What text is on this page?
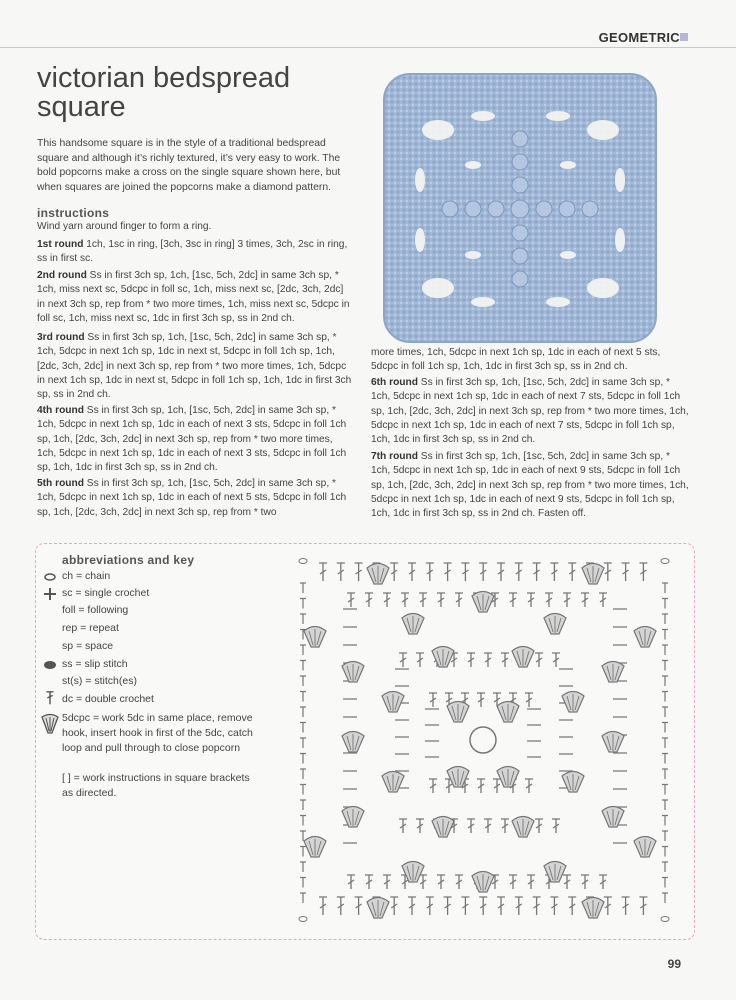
GEOMETRIC
victorian bedspread square
This handsome square is in the style of a traditional bedspread square and although it’s richly textured, it’s very easy to work. The bold popcorns make a cross on the single square shown here, but when squares are joined the popcorns make a diamond pattern.
instructions

Wind yarn around finger to form a ring.

1st round 1ch, 1sc in ring, [3ch, 3sc in ring] 3 times, 3ch, 2sc in ring, ss in first sc.

2nd round Ss in first 3ch sp, 1ch, [1sc, 5ch, 2dc] in same 3ch sp, * 1ch, miss next sc, 5dcpc in foll sc, 1ch, miss next sc, [2dc, 3ch, 2dc] in next 3ch sp, rep from * two more times, 1ch, miss next sc, 5dcpc in foll sc, 1ch, miss next sc, 1dc in first 3ch sp, ss in 2nd ch.

3rd round Ss in first 3ch sp, 1ch, [1sc, 5ch, 2dc] in same 3ch sp, * 1ch, 5dcpc in next 1ch sp, 1dc in next st, 5dcpc in foll 1ch sp, 1ch, [2dc, 3ch, 2dc] in next 3ch sp, rep from * two more times, 1ch, 5dcpc in next 1ch sp, 1dc in next st, 5dcpc in foll 1ch sp, 1ch, 1dc in first 3ch sp, ss in 2nd ch.

4th round Ss in first 3ch sp, 1ch, [1sc, 5ch, 2dc] in same 3ch sp, * 1ch, 5dcpc in next 1ch sp, 1dc in each of next 3 sts, 5dcpc in foll 1ch sp, 1ch, [2dc, 3ch, 2dc] in next 3ch sp, rep from * two more times, 1ch, 5dcpc in next 1ch sp, 1dc in each of next 3 sts, 5dcpc in foll 1ch sp, 1ch, 1dc in first 3ch sp, ss in 2nd ch.

5th round Ss in first 3ch sp, 1ch, [1sc, 5ch, 2dc] in same 3ch sp, * 1ch, 5dcpc in next 1ch sp, 1dc in each of next 5 sts, 5dcpc in foll 1ch sp, 1ch, [2dc, 3ch, 2dc] in next 3ch sp, rep from * two

more times, 1ch, 5dcpc in next 1ch sp, 1dc in each of next 5 sts, 5dcpc in foll 1ch sp, 1ch, 1dc in first 3ch sp, ss in 2nd ch.

6th round Ss in first 3ch sp, 1ch, [1sc, 5ch, 2dc] in same 3ch sp, * 1ch, 5dcpc in next 1ch sp, 1dc in each of next 7 sts, 5dcpc in foll 1ch sp, 1ch, [2dc, 3ch, 2dc] in next 3ch sp, rep from * two more times, 1ch, 5dcpc in next 1ch sp, 1dc in each of next 7 sts, 5dcpc in foll 1ch sp, 1ch, 1dc in first 3ch sp, ss in 2nd ch.

7th round Ss in first 3ch sp, 1ch, [1sc, 5ch, 2dc] in same 3ch sp, * 1ch, 5dcpc in next 1ch sp, 1dc in each of next 9 sts, 5dcpc in foll 1ch sp, 1ch, [2dc, 3ch, 2dc] in next 3ch sp, rep from * two more times, 1ch, 5dcpc in next 1ch sp, 1dc in each of next 9 sts, 5dcpc in foll 1ch sp, 1ch, 1dc in first 3ch sp, ss in 2nd ch. Fasten off.

abbreviations and key
ch = chain
sc = single crochet
foll = following
rep = repeat
sp = space
ss = slip stitch
st(s) = stitch(es)
dc = double crochet
5dcpc = work 5dc in same place, remove hook, insert hook in first of the 5dc, catch loop and pull through to close popcorn
[ ] = work instructions in square brackets as directed.
99
